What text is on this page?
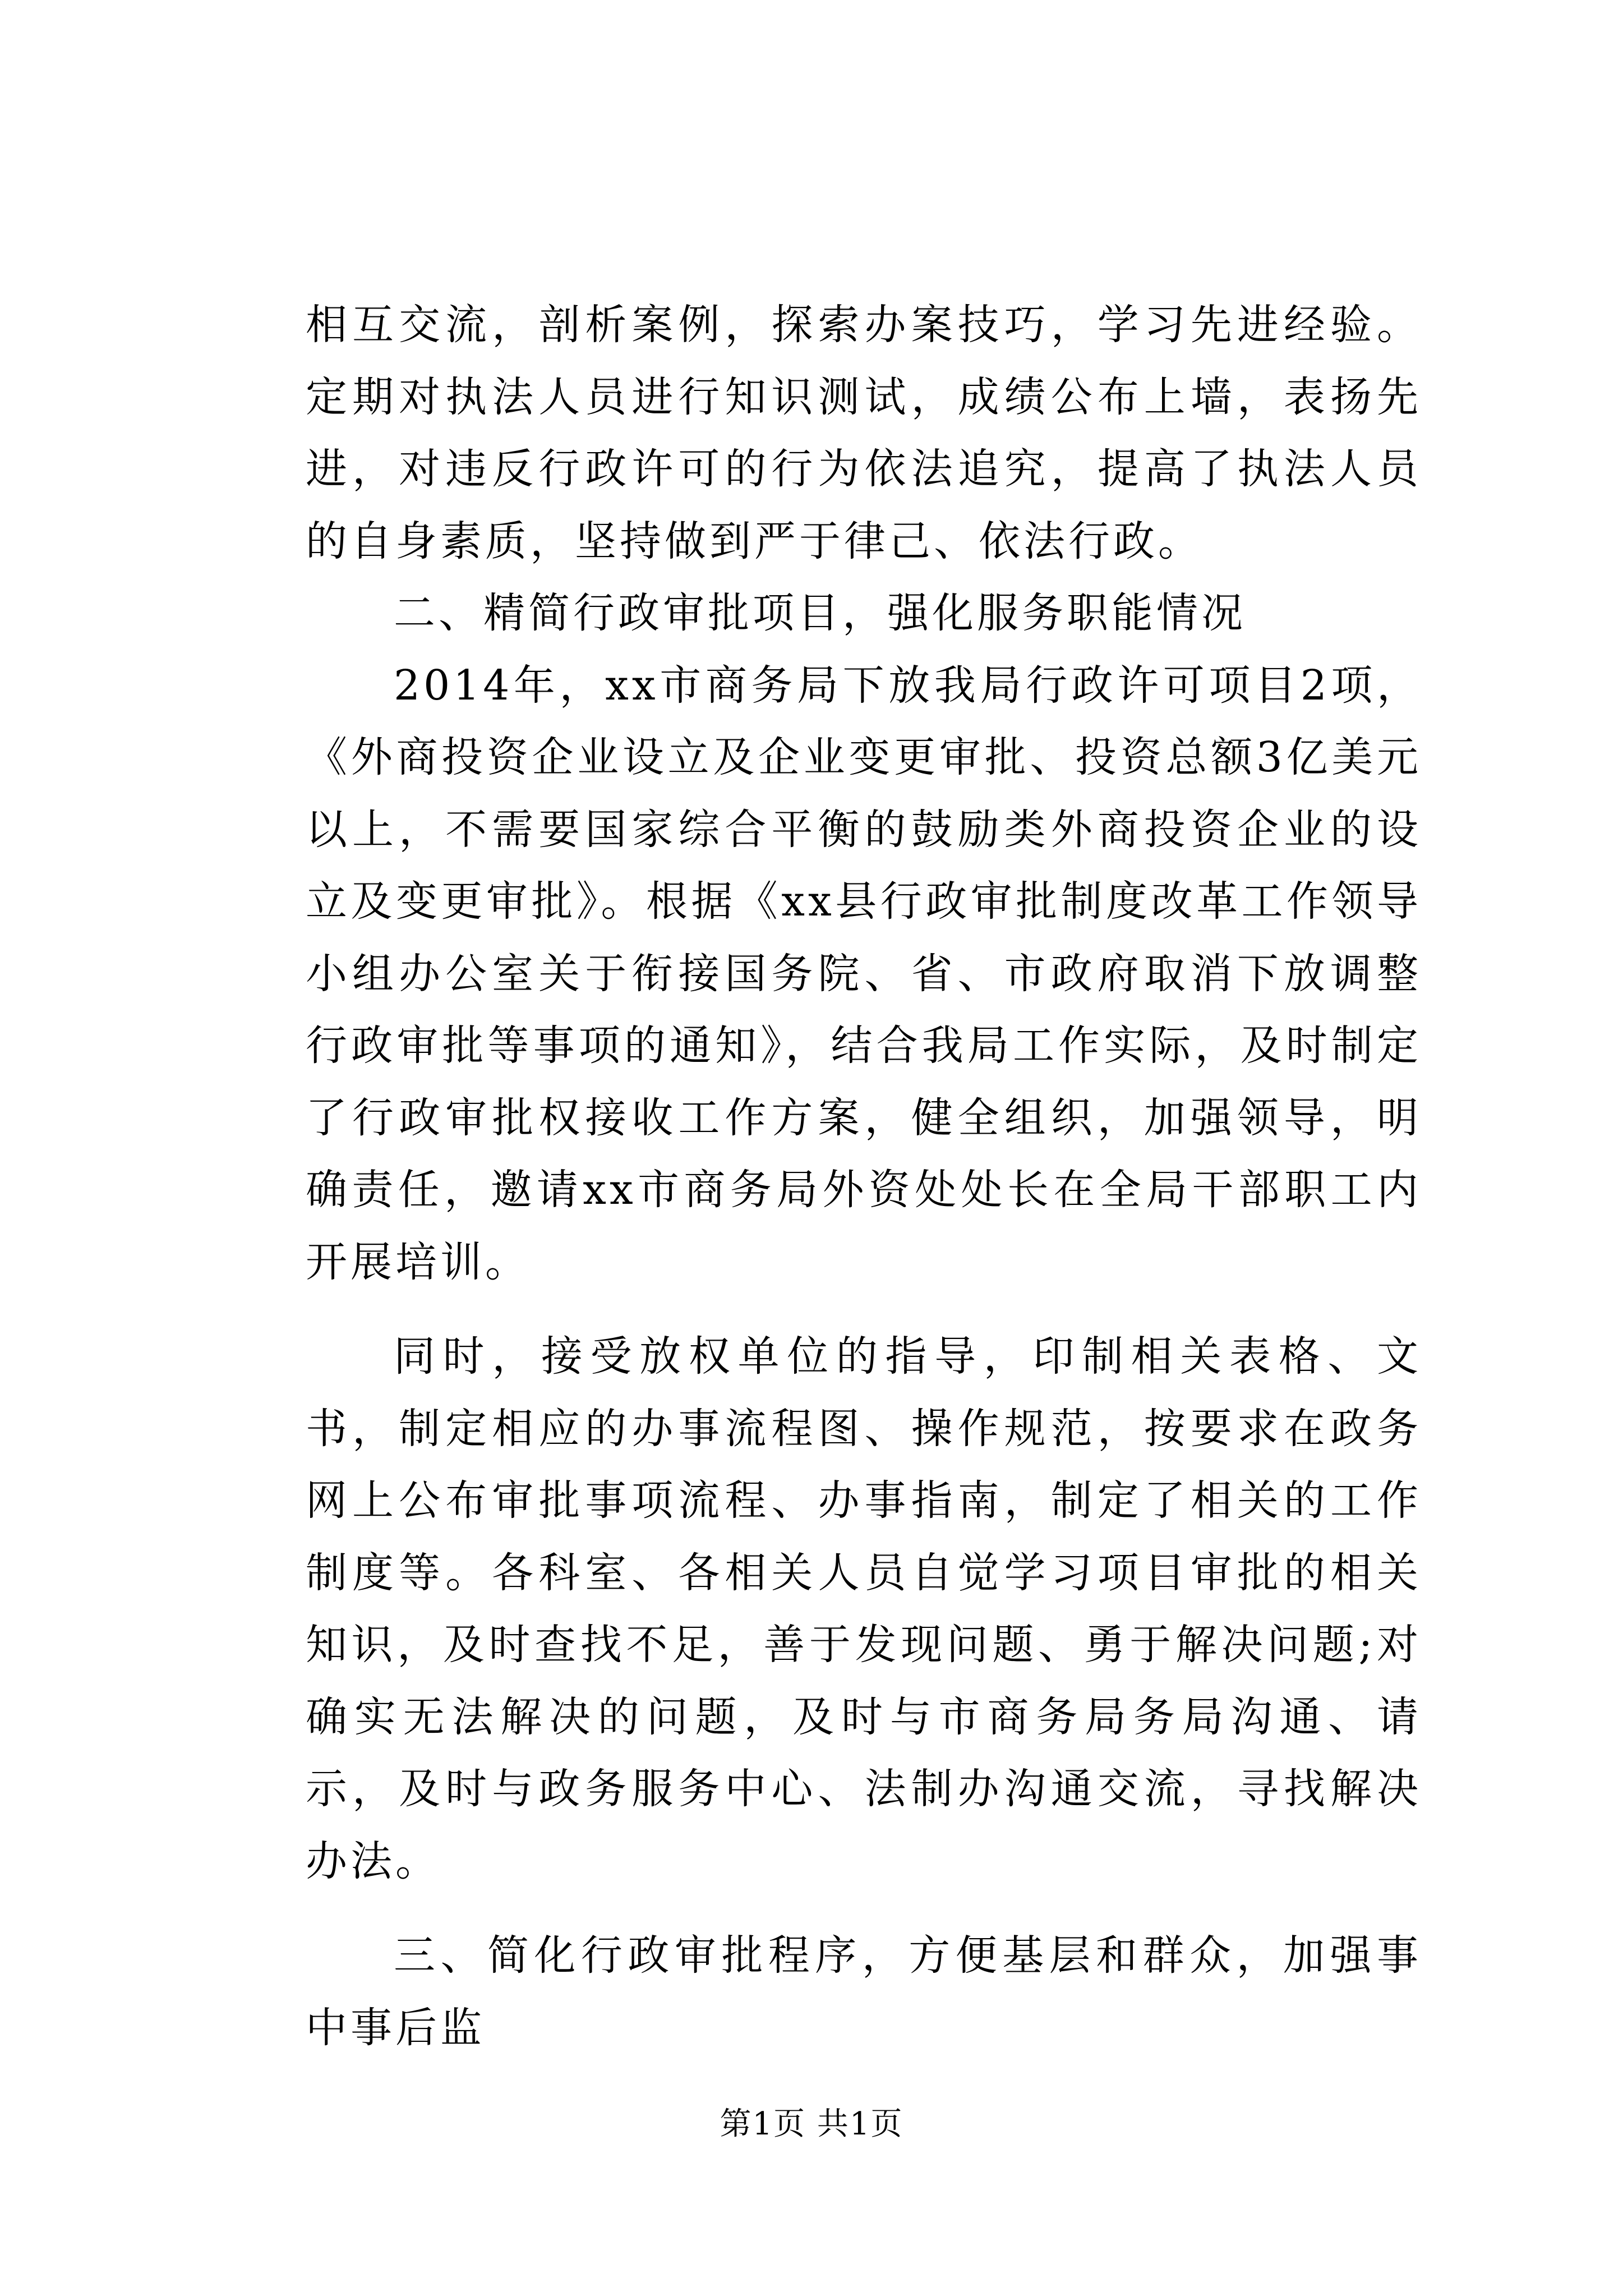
相互交流，剖析案例，探索办案技巧，学习先进经验。定期对执法人员进行知识测试，成绩公布上墙，表扬先进，对违反行政许可的行为依法追究，提高了执法人员的自身素质，坚持做到严于律己、依法行政。

二、精简行政审批项目，强化服务职能情况

2014年，xx市商务局下放我局行政许可项目2项，《外商投资企业设立及企业变更审批、投资总额3亿美元以上，不需要国家综合平衡的鼓励类外商投资企业的设立及变更审批》。根据《xx县行政审批制度改革工作领导小组办公室关于衔接国务院、省、市政府取消下放调整行政审批等事项的通知》，结合我局工作实际，及时制定了行政审批权接收工作方案，健全组织，加强领导，明确责任，邀请xx市商务局外资处处长在全局干部职工内开展培训。

同时，接受放权单位的指导，印制相关表格、文书，制定相应的办事流程图、操作规范，按要求在政务网上公布审批事项流程、办事指南，制定了相关的工作制度等。各科室、各相关人员自觉学习项目审批的相关知识，及时查找不足，善于发现问题、勇于解决问题;对确实无法解决的问题，及时与市商务局务局沟通、请示，及时与政务服务中心、法制办沟通交流，寻找解决办法。

三、简化行政审批程序，方便基层和群众，加强事中事后监

第1页 共1页
